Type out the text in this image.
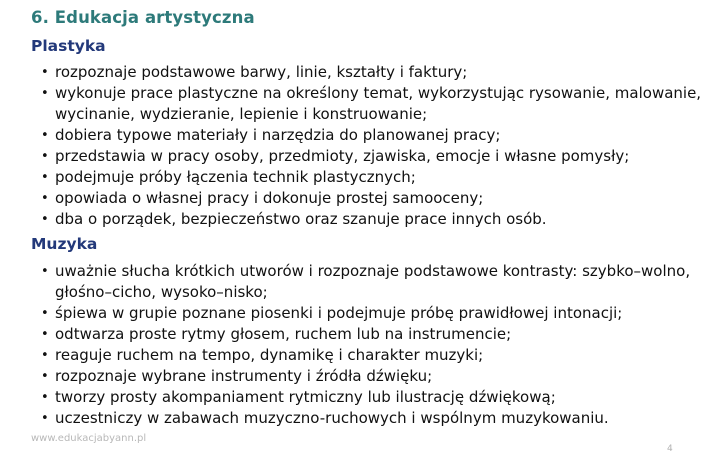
6. Edukacja artystyczna
Plastyka
• rozpoznaje podstawowe barwy, linie, kształty i faktury;
• wykonuje prace plastyczne na określony temat, wykorzystując rysowanie, malowanie, wycinanie, wydzieranie, lepienie i konstruowanie;
• dobiera typowe materiały i narzędzia do planowanej pracy;
• przedstawia w pracy osoby, przedmioty, zjawiska, emocje i własne pomysły;
• podejmuje próby łączenia technik plastycznych;
• opowiada o własnej pracy i dokonuje prostej samooceny;
• dba o porządek, bezpieczeństwo oraz szanuje prace innych osób.
Muzyka
• uważnie słucha krótkich utworów i rozpoznaje podstawowe kontrasty: szybko–wolno, głośno–cicho, wysoko–nisko;
• śpiewa w grupie poznane piosenki i podejmuje próbę prawidłowej intonacji;
• odtwarza proste rytmy głosem, ruchem lub na instrumencie;
• reaguje ruchem na tempo, dynamikę i charakter muzyki;
• rozpoznaje wybrane instrumenty i źródła dźwięku;
• tworzy prosty akompaniament rytmiczny lub ilustrację dźwiękową;
• uczestniczy w zabawach muzyczno-ruchowych i wspólnym muzykowaniu.
www.edukacjabyann.pl
4
